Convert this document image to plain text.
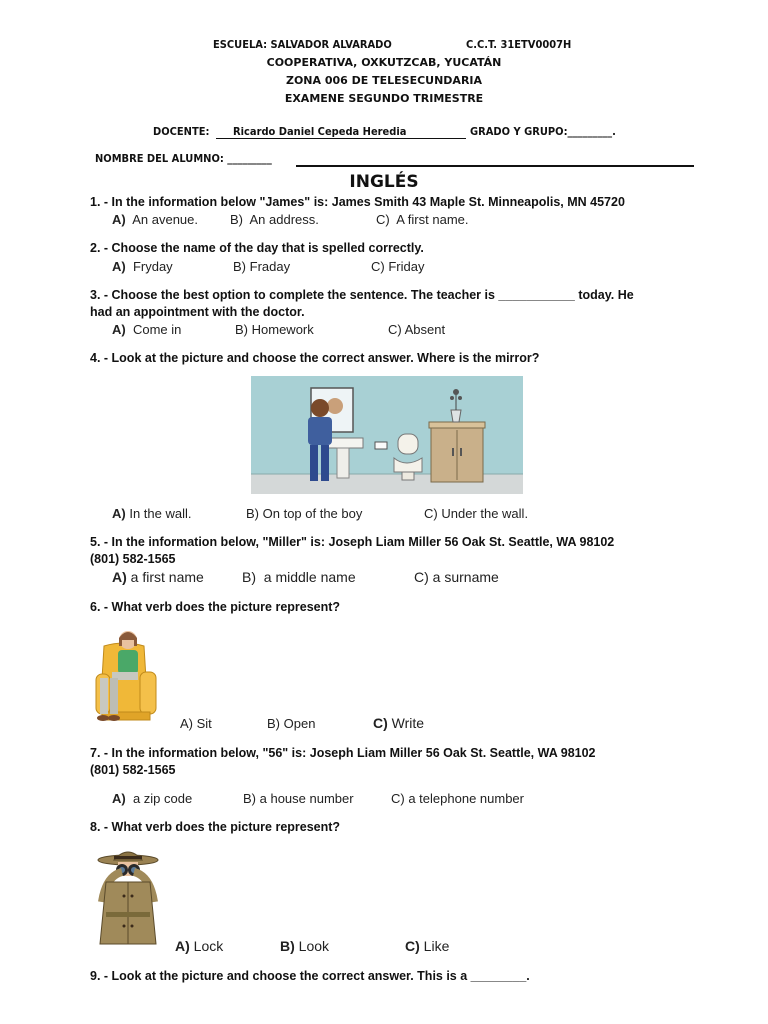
ESCUELA: SALVADOR ALVARADO	C.C.T. 31ETV0007H
COOPERATIVA, OXKUTZCAB, YUCATÁN
ZONA 006 DE TELESECUNDARIA
EXAMENE SEGUNDO TRIMESTRE
DOCENTE: Ricardo Daniel Cepeda Heredia	GRADO Y GRUPO:_________.
NOMBRE DEL ALUMNO: _________
INGLÉS
1. - In the information below "James" is: James Smith 43 Maple St. Minneapolis, MN 45720
A) An avenue. B) An address.	C) A first name.
2. - Choose the name of the day that is spelled correctly.
A) Fryday	B) Fraday	C) Friday
3. - Choose the best option to complete the sentence. The teacher is ___________ today. He
had an appointment with the doctor.
A) Come in	B) Homework	C) Absent
4. - Look at the picture and choose the correct answer. Where is the mirror?
A) In the wall.	B) On top of the boy	C) Under the wall.
5. - In the information below, "Miller" is: Joseph Liam Miller 56 Oak St. Seattle, WA 98102
(801) 582-1565
A) a first name	B) a middle name	C) a surname
6. - What verb does the picture represent?
A) Sit	B) Open	C) Write
7. - In the information below, "56" is: Joseph Liam Miller 56 Oak St. Seattle, WA 98102
(801) 582-1565
A) a zip code	B) a house number	C) a telephone number
8. - What verb does the picture represent?
A) Lock	B) Look	C) Like
9. - Look at the picture and choose the correct answer. This is a ________.
